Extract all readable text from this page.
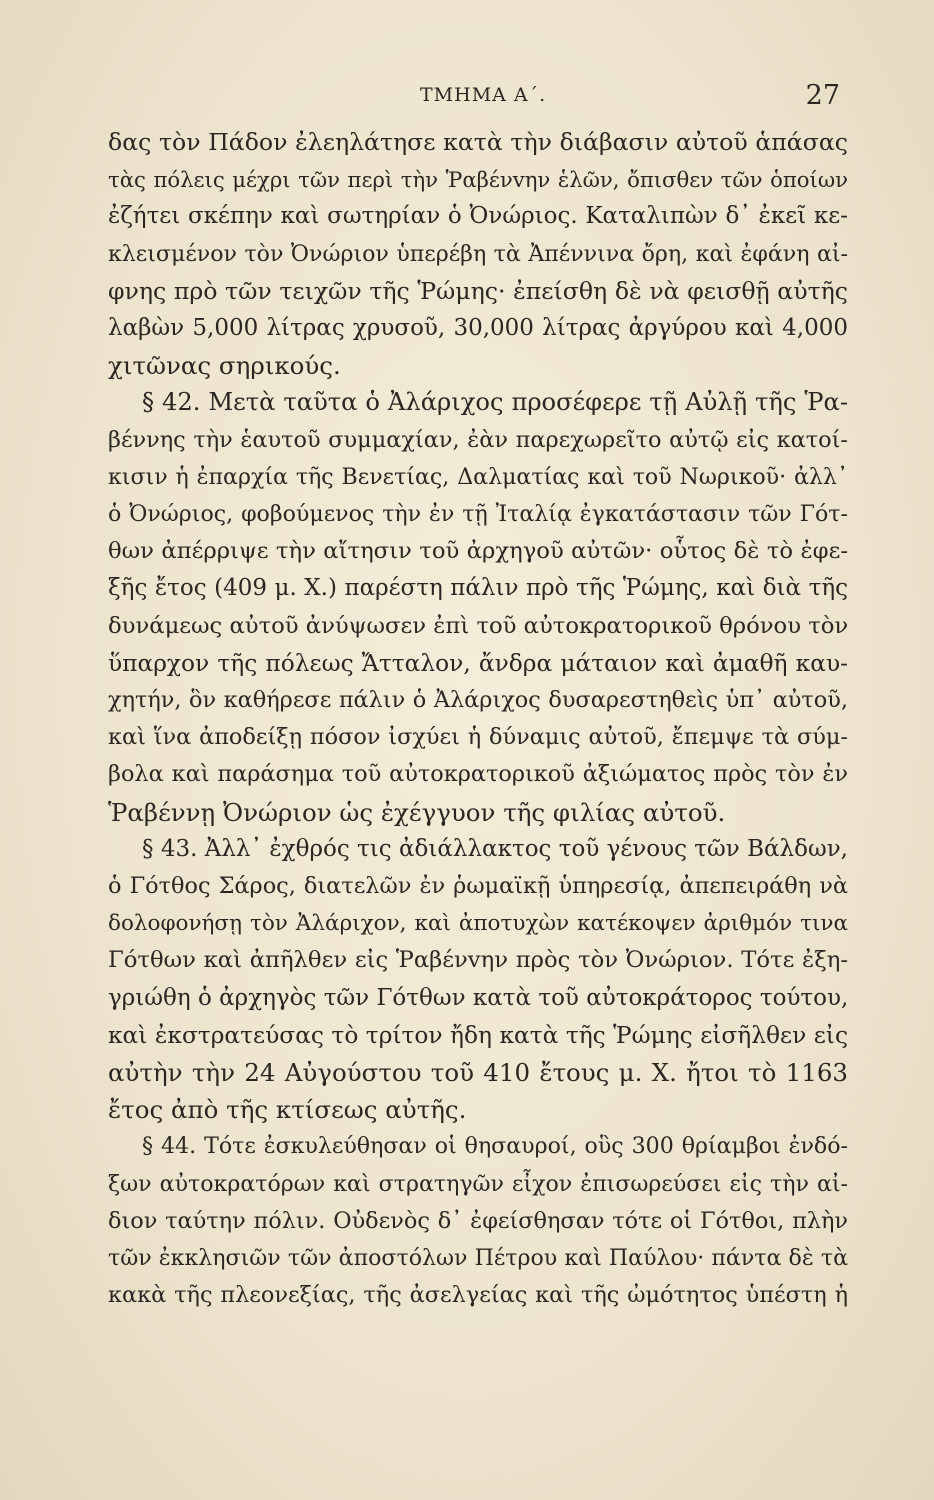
ΤΜΗΜΑ Α΄.	27
δας τὸν Πάδον ἐλεηλάτησε κατὰ τὴν διάβασιν αὐτοῦ ἁπάσας
τὰς πόλεις μέχρι τῶν περὶ τὴν Ῥαβένvην ἑλῶν, ὄπισθεν τῶν ὁποίων
ἐζήτει σκέπην καὶ σωτηρίαν ὁ Ὀνώριος. Καταλιπὼν δ᾽ ἐκεῖ κε-
κλεισμένον τὸν Ὀνώριον ὑπερέβη τὰ Ἀπέννινα ὄρη, καὶ ἐφάνη αἰ-
φνης πρὸ τῶν τειχῶν τῆς Ῥώμης· ἐπείσθη δὲ νὰ φεισθῇ αὐτῆς
λαβὼν 5,000 λίτρας χρυσοῦ, 30,000 λίτρας ἀργύρου καὶ 4,000
χιτῶνας σηρικούς.
§ 42. Μετὰ ταῦτα ὁ Ἀλάριχος προσέφερε τῇ Αὐλῇ τῆς Ῥα-
βέννης τὴν ἑαυτοῦ συμμαχίαν, ἐὰν παρεχωρεῖτο αὐτῷ εἰς κατοί-
κισιν ἡ ἐπαρχία τῆς Βενετίας, Δαλματίας καὶ τοῦ Νωρικοῦ· ἀλλ᾽
ὁ Ὀνώριος, φοβούμενος τὴν ἐν τῇ Ἰταλίᾳ ἐγκατάστασιν τῶν Γότ-
θων ἀπέρριψε τὴν αἴτησιν τοῦ ἀρχηγοῦ αὐτῶν· οὗτος δὲ τὸ ἐφε-
ξῆς ἔτος (409 μ. Χ.) παρέστη πάλιν πρὸ τῆς Ῥώμης, καὶ διὰ τῆς
δυνάμεως αὐτοῦ ἀνύψωσεν ἐπὶ τοῦ αὐτοκρατορικοῦ θρόνου τὸν
ὕπαρχον τῆς πόλεως Ἄτταλον, ἄνδρα μάταιον καὶ ἀμαθῆ καυ-
χητήν, ὃν καθήρεσε πάλιν ὁ Ἀλάριχος δυσαρεστηθεὶς ὑπ᾽ αὐτοῦ,
καὶ ἵνα ἀποδείξῃ πόσον ἰσχύει ἡ δύναμις αὐτοῦ, ἔπεμψε τὰ σύμ-
βολα καὶ παράσημα τοῦ αὐτοκρατορικοῦ ἀξιώματος πρὸς τὸν ἐν
Ῥαβέννῃ Ὀνώριον ὡς ἐχέγγυον τῆς φιλίας αὐτοῦ.
§ 43. Ἀλλ᾽ ἐχθρός τις ἀδιάλλακτος τοῦ γένους τῶν Βάλδων,
ὁ Γότθος Σάρος, διατελῶν ἐν ῥωμαϊκῇ ὑπηρεσίᾳ, ἀπεπειράθη νὰ
δολοφονήσῃ τὸν Ἀλάριχον, καὶ ἀποτυχὼν κατέκοψεν ἀριθμόν τινα
Γότθων καὶ ἀπῆλθεν εἰς Ῥαβένvην πρὸς τὸν Ὀνώριον. Τότε ἐξη-
γριώθη ὁ ἀρχηγὸς τῶν Γότθων κατὰ τοῦ αὐτοκράτορος τούτου,
καὶ ἐκστρατεύσας τὸ τρίτον ἤδη κατὰ τῆς Ῥώμης εἰσῆλθεν εἰς
αὐτὴν τὴν 24 Αὐγούστου τοῦ 410 ἔτους μ. Χ. ἤτοι τὸ 1163
ἔτος ἀπὸ τῆς κτίσεως αὐτῆς.
§ 44. Τότε ἐσκυλεύθησαν οἱ θησαυροί, οὓς 300 θρίαμβοι ἐνδό-
ξων αὐτοκρατόρων καὶ στρατηγῶν εἶχον ἐπισωρεύσει εἰς τὴν αἰ-
διον ταύτην πόλιν. Οὐδενὸς δ᾽ ἐφείσθησαν τότε οἱ Γότθοι, πλὴν
τῶν ἐκκλησιῶν τῶν ἀποστόλων Πέτρου καὶ Παύλου· πάντα δὲ τὰ
κακὰ τῆς πλεονεξίας, τῆς ἀσελγείας καὶ τῆς ὠμότητος ὑπέστη ἡ
